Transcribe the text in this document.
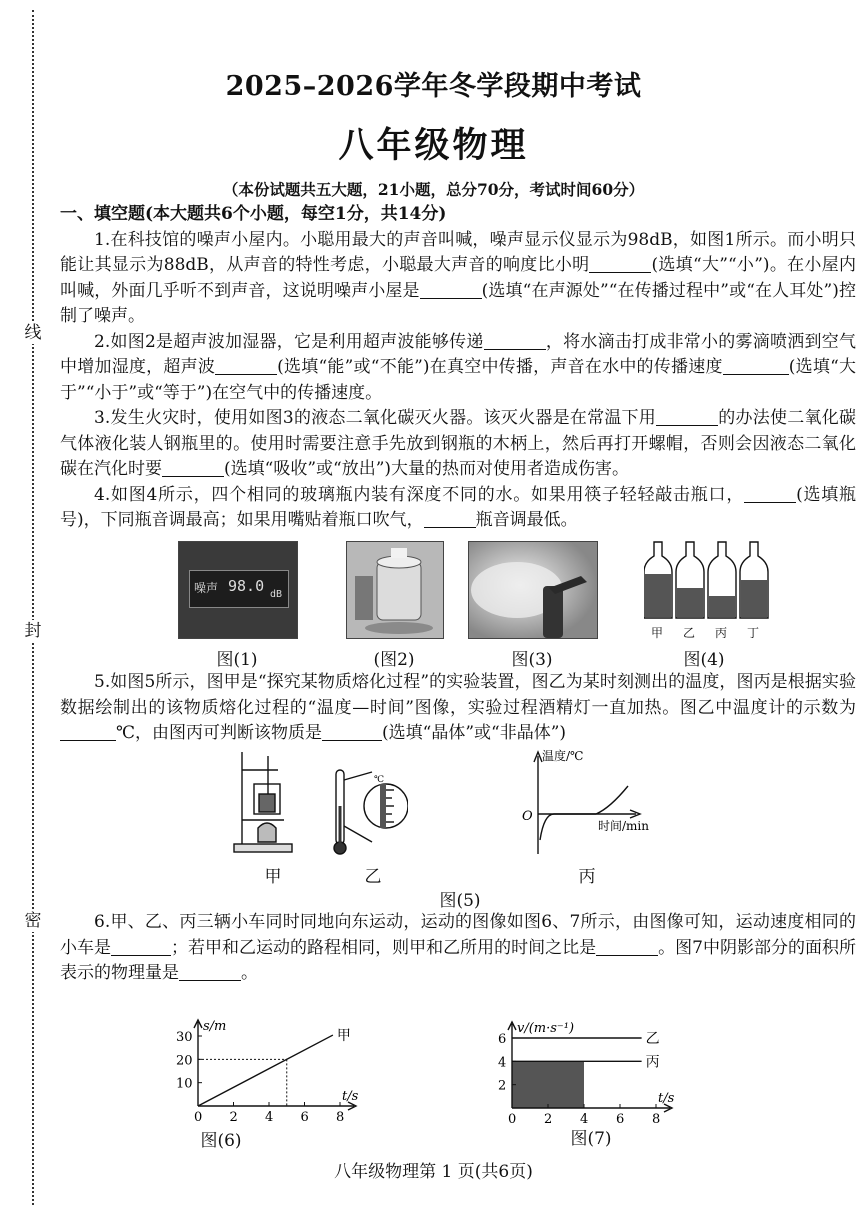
线
封
密
2025–2026学年冬学段期中考试
八年级物理
（本份试题共五大题，21小题，总分70分，考试时间60分）
一、填空题(本大题共6个小题，每空1分，共14分)

1.在科技馆的噪声小屋内。小聪用最大的声音叫喊，噪声显示仪显示为98dB，如图1所示。而小明只能让其显示为88dB，从声音的特性考虑，小聪最大声音的响度比小明	(选填“大”“小”)。在小屋内叫喊，外面几乎听不到声音，这说明噪声小屋是	(选填“在声源处”“在传播过程中”或“在人耳处”)控制了噪声。

2.如图2是超声波加湿器，它是利用超声波能够传递	，将水滴击打成非常小的雾滴喷洒到空气中增加湿度，超声波	(选填“能”或“不能”)在真空中传播，声音在水中的传播速度	(选填“大于”“小于”或“等于”)在空气中的传播速度。

3.发生火灾时，使用如图3的液态二氧化碳灭火器。该灭火器是在常温下用	的办法使二氧化碳气体液化装人钢瓶里的。使用时需要注意手先放到钢瓶的木柄上，然后再打开螺帽，否则会因液态二氧化碳在汽化时要	(选填“吸收”或“放出”)大量的热而对使用者造成伤害。

4.如图4所示，四个相同的玻璃瓶内装有深度不同的水。如果用筷子轻轻敲击瓶口，	(选填瓶号)，下同瓶音调最高；如果用嘴贴着瓶口吹气，	瓶音调最低。

噪声 98.0 dB
图(1)	(图2)	图(3)
甲 乙 丙 丁
图(4)

5.如图5所示，图甲是“探究某物质熔化过程”的实验装置，图乙为某时刻测出的温度，图丙是根据实验数据绘制出的该物质熔化过程的“温度—时间”图像，实验过程酒精灯一直加热。图乙中温度计的示数为℃，由图丙可判断该物质是	(选填“晶体”或“非晶体”)

甲
℃
乙
温度/℃
时间/min
O
丙
图(5)

6.甲、乙、丙三辆小车同时同地向东运动，运动的图像如图6、7所示，由图像可知，运动速度相同的小车是	；若甲和乙运动的路程相同，则甲和乙所用的时间之比是	。图7中阴影部分的面积所表示的物理量是	。

0 2 4 6 8
10
20
30
t/s
s/m
甲
图(6)
0 2 4 6 8
2
4
6
t/s
v/(m·s⁻¹)
乙
丙
图(7)
八年级物理第 1 页(共6页)
